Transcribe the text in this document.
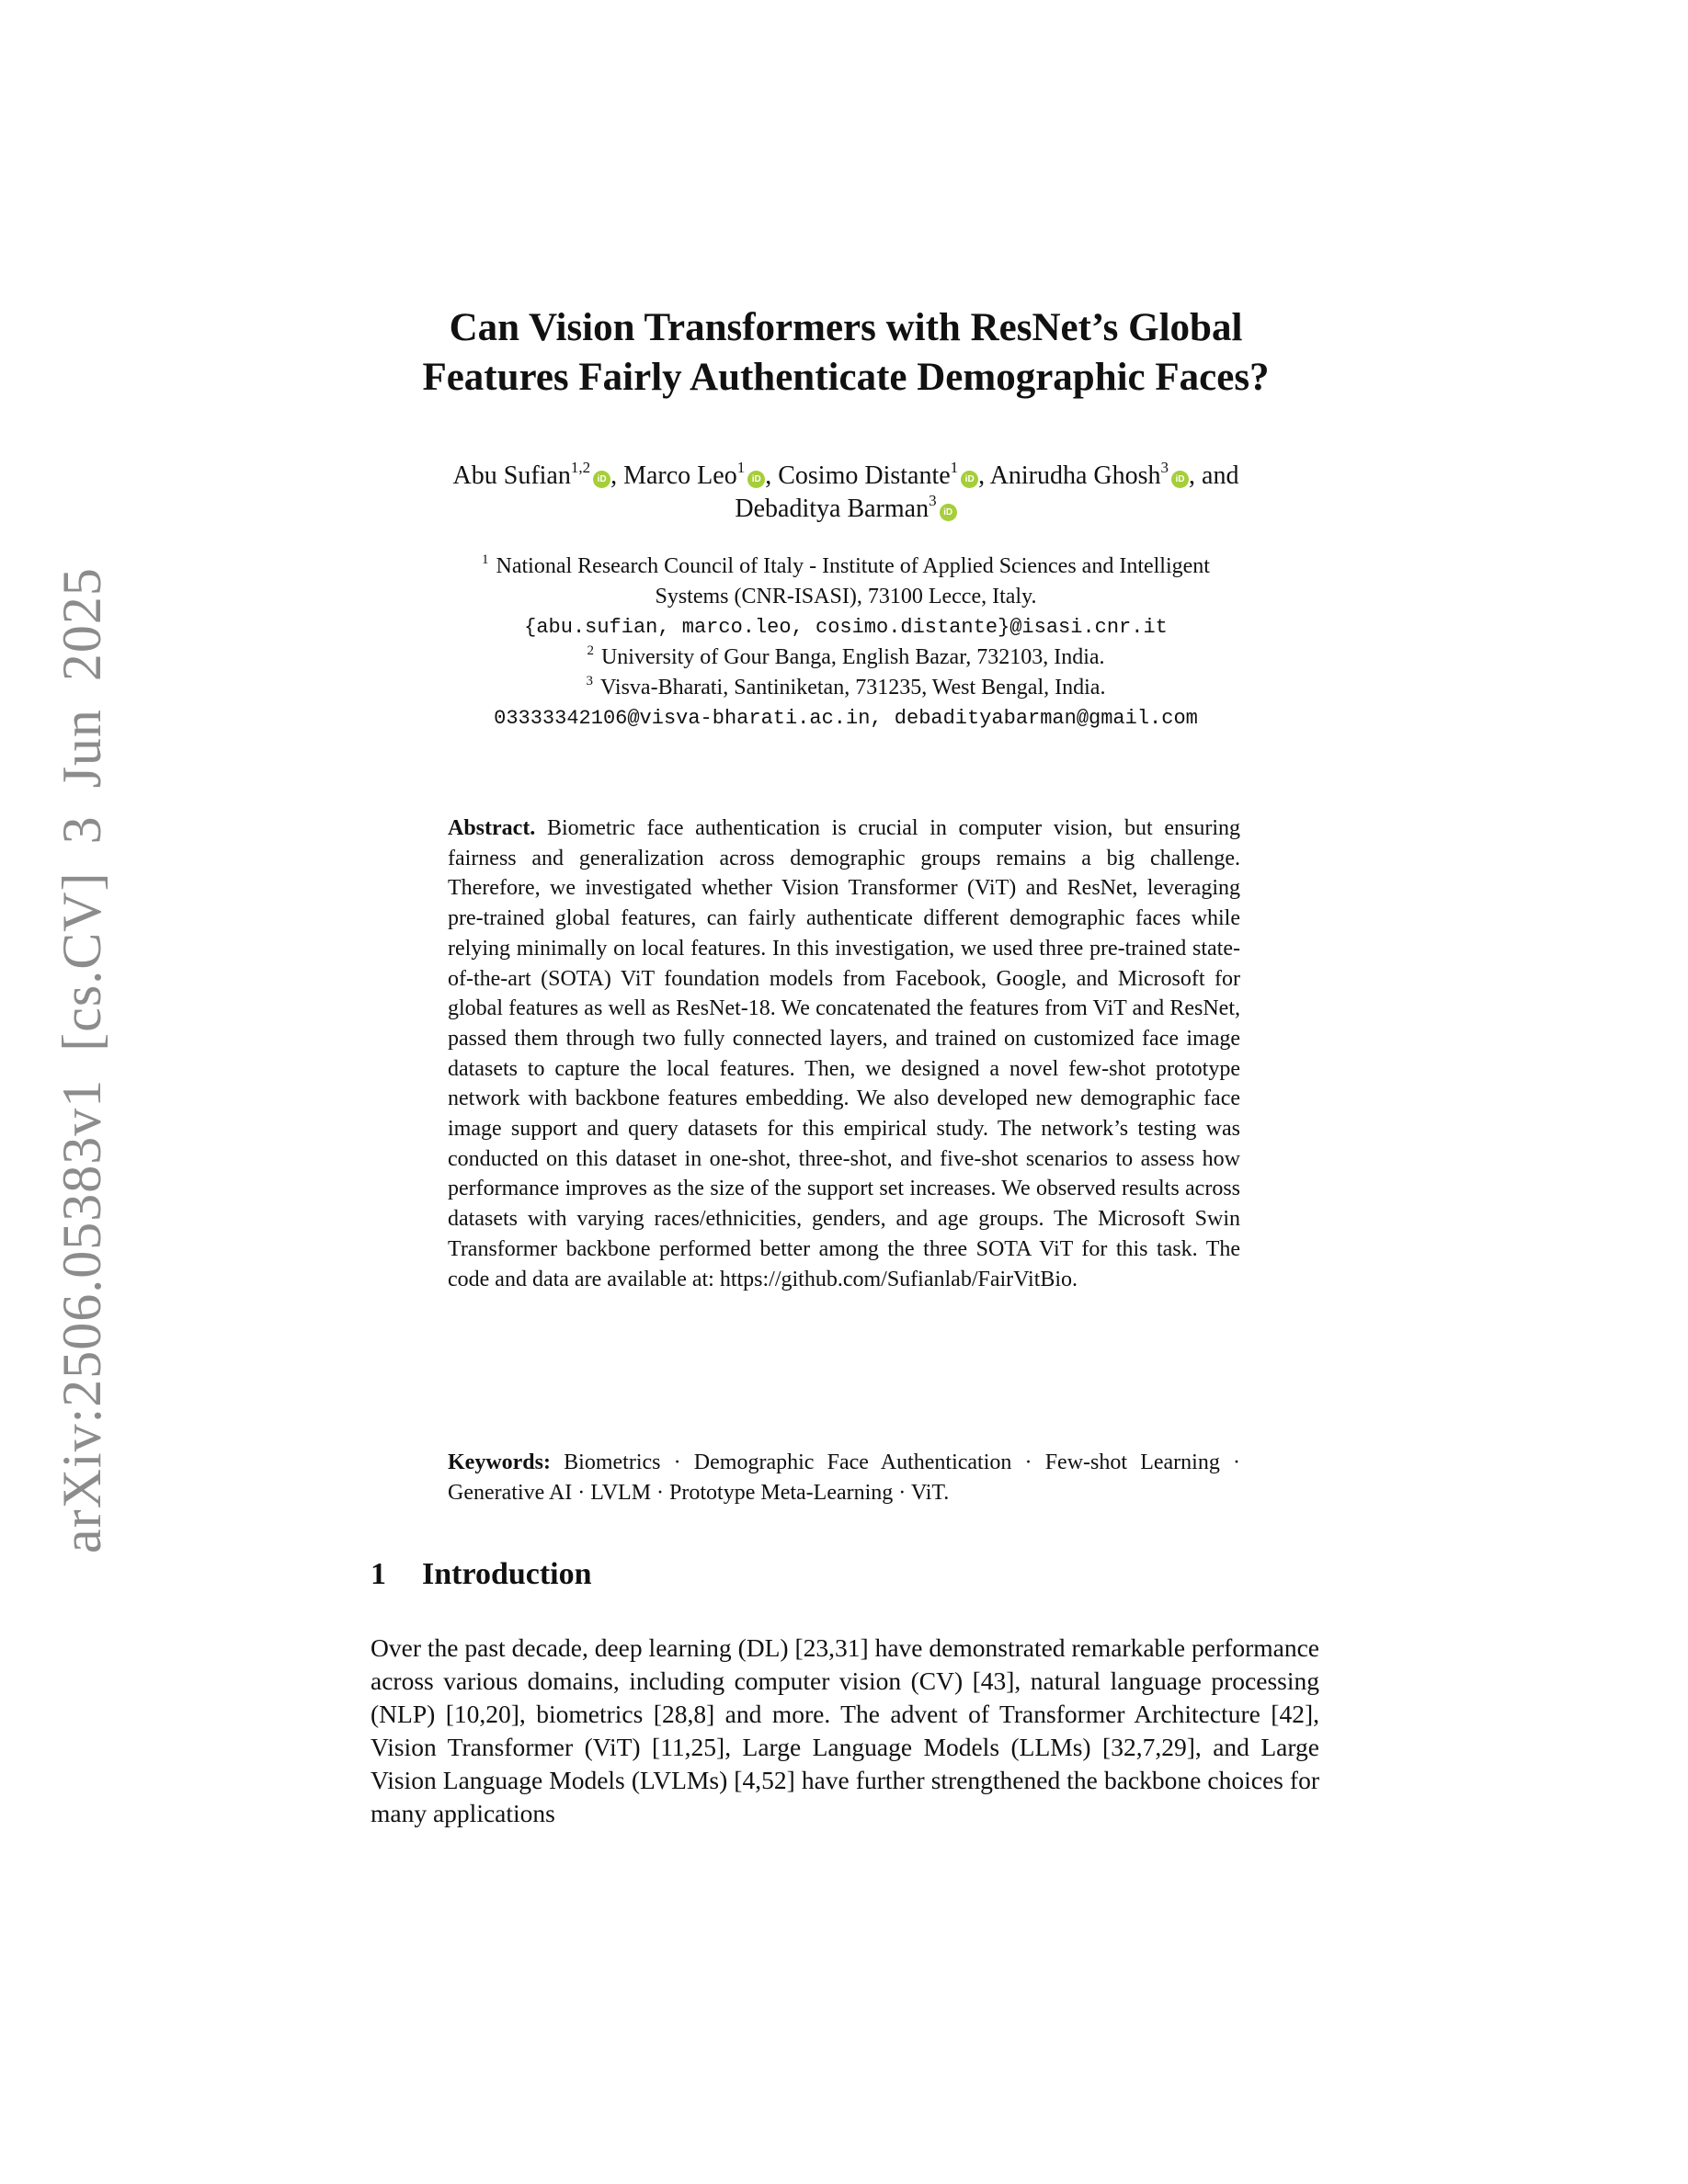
arXiv:2506.05383v1 [cs.CV] 3 Jun 2025
Can Vision Transformers with ResNet’s Global
Features Fairly Authenticate Demographic Faces?
Abu Sufian$^{1,2}$iD , Marco Leo$^1$iD , Cosimo Distante$^1$iD , Anirudha Ghosh$^3$iD , and
Debaditya Barman$^3$iD
$^1$ National Research Council of Italy - Institute of Applied Sciences and Intelligent
Systems (CNR-ISASI), 73100 Lecce, Italy.
{abu.sufian, marco.leo, cosimo.distante}@isasi.cnr.it
$^2$ University of Gour Banga, English Bazar, 732103, India.
$^3$ Visva-Bharati, Santiniketan, 731235, West Bengal, India.
03333342106@visva-bharati.ac.in, debadityabarman@gmail.com
Abstract. Biometric face authentication is crucial in computer vision, but ensuring fairness and generalization across demographic groups remains a big challenge. Therefore, we investigated whether Vision Transformer (ViT) and ResNet, leveraging pre-trained global features, can fairly authenticate different demographic faces while relying minimally on local features. In this investigation, we used three pre-trained state-of-the-art (SOTA) ViT foundation models from Facebook, Google, and Microsoft for global features as well as ResNet-18. We concatenated the features from ViT and ResNet, passed them through two fully connected layers, and trained on customized face image datasets to capture the local features. Then, we designed a novel few-shot prototype network with backbone features embedding. We also developed new demographic face image support and query datasets for this empirical study. The network’s testing was conducted on this dataset in one-shot, three-shot, and five-shot scenarios to assess how performance improves as the size of the support set increases. We observed results across datasets with varying races/ethnicities, genders, and age groups. The Microsoft Swin Transformer backbone performed better among the three SOTA ViT for this task. The code and data are available at: https://github.com/Sufianlab/FairVitBio.
Keywords: Biometrics · Demographic Face Authentication · Few-shot Learning · Generative AI · LVLM · Prototype Meta-Learning · ViT.
1 Introduction
Over the past decade, deep learning (DL) [23,31] have demonstrated remarkable performance across various domains, including computer vision (CV) [43], natural language processing (NLP) [10,20], biometrics [28,8] and more. The advent of Transformer Architecture [42], Vision Transformer (ViT) [11,25], Large Language Models (LLMs) [32,7,29], and Large Vision Language Models (LVLMs) [4,52] have further strengthened the backbone choices for many applications
